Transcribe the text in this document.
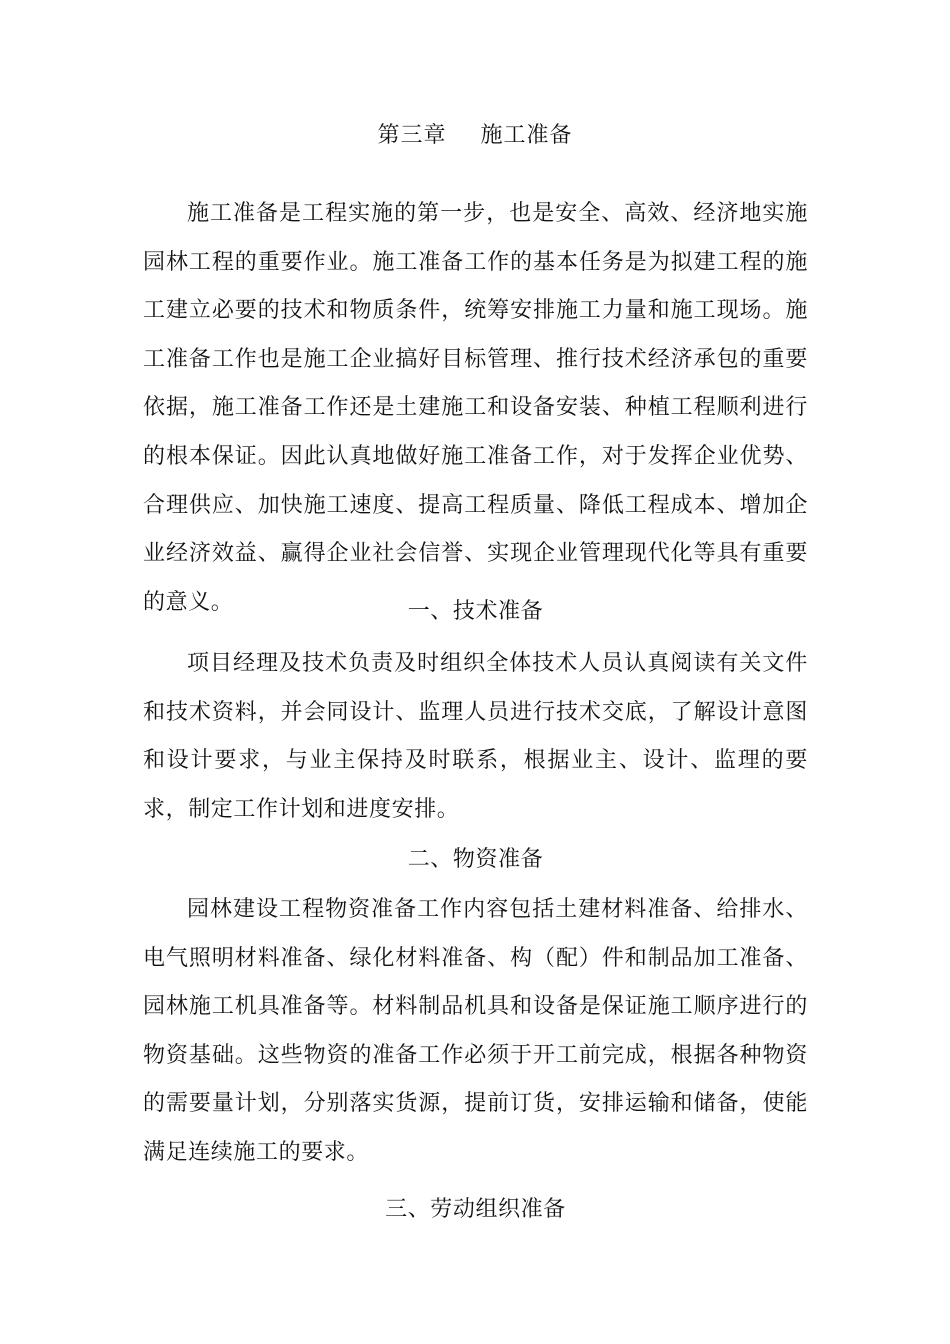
第三章 施工准备

施工准备是工程实施的第一步，也是安全、高效、经济地实施园林工程的重要作业。施工准备工作的基本任务是为拟建工程的施工建立必要的技术和物质条件，统筹安排施工力量和施工现场。施工准备工作也是施工企业搞好目标管理、推行技术经济承包的重要依据，施工准备工作还是土建施工和设备安装、种植工程顺利进行的根本保证。因此认真地做好施工准备工作，对于发挥企业优势、合理供应、加快施工速度、提高工程质量、降低工程成本、增加企业经济效益、赢得企业社会信誉、实现企业管理现代化等具有重要的意义。	一、技术准备

项目经理及技术负责及时组织全体技术人员认真阅读有关文件和技术资料，并会同设计、监理人员进行技术交底，了解设计意图和设计要求，与业主保持及时联系，根据业主、设计、监理的要求，制定工作计划和进度安排。

二、物资准备

园林建设工程物资准备工作内容包括土建材料准备、给排水、电气照明材料准备、绿化材料准备、构（配）件和制品加工准备、园林施工机具准备等。材料制品机具和设备是保证施工顺序进行的物资基础。这些物资的准备工作必须于开工前完成，根据各种物资的需要量计划，分别落实货源，提前订货，安排运输和储备，使能满足连续施工的要求。

三、劳动组织准备
